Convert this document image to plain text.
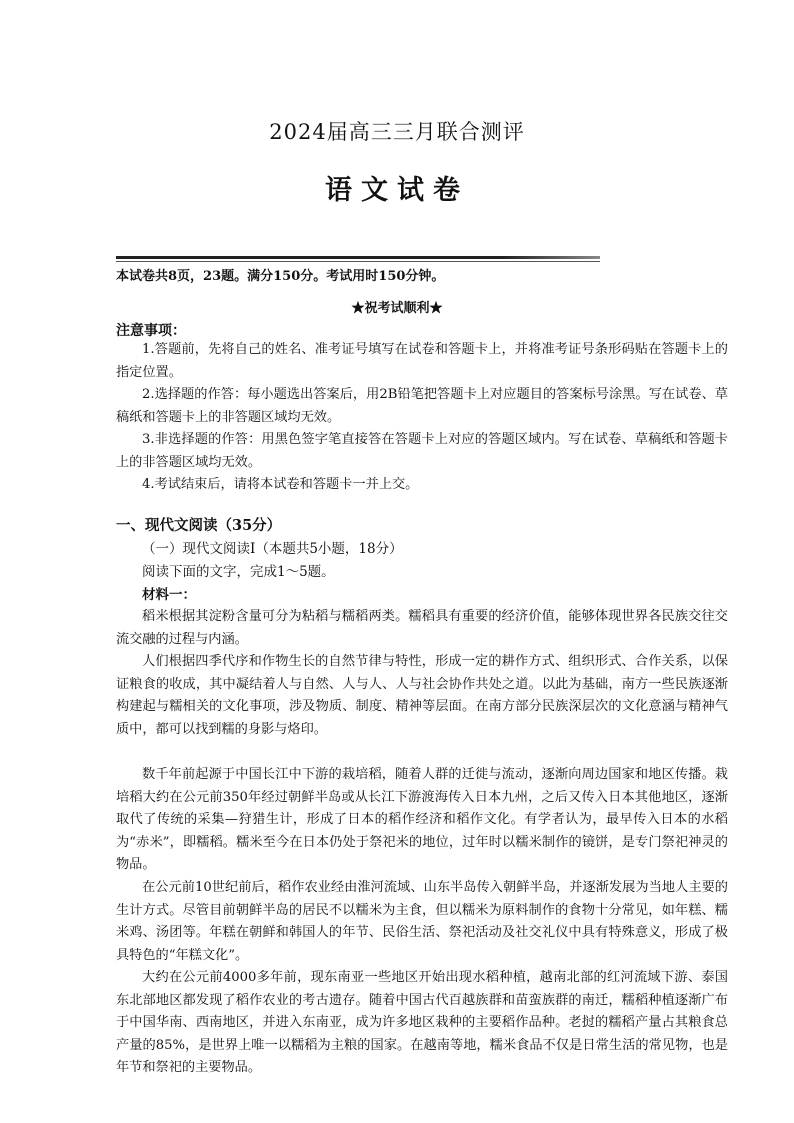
2024届高三三月联合测评
语文试卷
本试卷共8页，23题。满分150分。考试用时150分钟。
★祝考试顺利★
注意事项：
1.答题前，先将自己的姓名、准考证号填写在试卷和答题卡上，并将准考证号条形码贴在答题卡上的指定位置。
2.选择题的作答：每小题选出答案后，用2B铅笔把答题卡上对应题目的答案标号涂黑。写在试卷、草稿纸和答题卡上的非答题区域均无效。
3.非选择题的作答：用黑色签字笔直接答在答题卡上对应的答题区域内。写在试卷、草稿纸和答题卡上的非答题区域均无效。
4.考试结束后，请将本试卷和答题卡一并上交。
一、现代文阅读（35分）
（一）现代文阅读Ⅰ（本题共5小题，18分）
阅读下面的文字，完成1～5题。
材料一：
稻米根据其淀粉含量可分为粘稻与糯稻两类。糯稻具有重要的经济价值，能够体现世界各民族交往交流交融的过程与内涵。
人们根据四季代序和作物生长的自然节律与特性，形成一定的耕作方式、组织形式、合作关系，以保证粮食的收成，其中凝结着人与自然、人与人、人与社会协作共处之道。以此为基础，南方一些民族逐渐构建起与糯相关的文化事项，涉及物质、制度、精神等层面。在南方部分民族深层次的文化意涵与精神气质中，都可以找到糯的身影与烙印。
数千年前起源于中国长江中下游的栽培稻，随着人群的迁徙与流动，逐渐向周边国家和地区传播。栽培稻大约在公元前350年经过朝鲜半岛或从长江下游渡海传入日本九州，之后又传入日本其他地区，逐渐取代了传统的采集—狩猎生计，形成了日本的稻作经济和稻作文化。有学者认为，最早传入日本的水稻为“赤米”，即糯稻。糯米至今在日本仍处于祭祀米的地位，过年时以糯米制作的镜饼，是专门祭祀神灵的物品。
在公元前10世纪前后，稻作农业经由淮河流域、山东半岛传入朝鲜半岛，并逐渐发展为当地人主要的生计方式。尽管目前朝鲜半岛的居民不以糯米为主食，但以糯米为原料制作的食物十分常见，如年糕、糯米鸡、汤团等。年糕在朝鲜和韩国人的年节、民俗生活、祭祀活动及社交礼仪中具有特殊意义，形成了极具特色的“年糕文化”。
大约在公元前4000多年前，现东南亚一些地区开始出现水稻种植，越南北部的红河流域下游、泰国东北部地区都发现了稻作农业的考古遗存。随着中国古代百越族群和苗蛮族群的南迁，糯稻种植逐渐广布于中国华南、西南地区，并进入东南亚，成为许多地区栽种的主要稻作品种。老挝的糯稻产量占其粮食总产量的85%，是世界上唯一以糯稻为主粮的国家。在越南等地，糯米食品不仅是日常生活的常见物，也是年节和祭祀的主要物品。
